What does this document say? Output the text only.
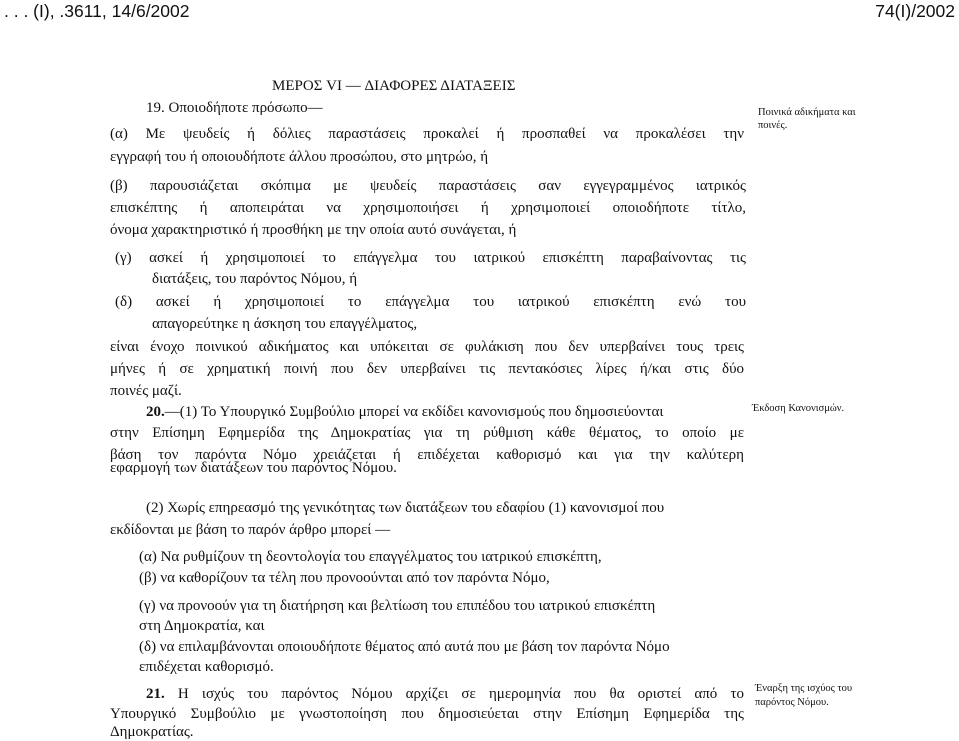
. . . (Ι), .3611, 14/6/2002	74(Ι)/2002
ΜΕΡΟΣ VI — ΔΙΑΦΟΡΕΣ ΔΙΑΤΑΞΕΙΣ
19. Οποιοδήποτε πρόσωπο—
(α) Με ψευδείς ή δόλιες παραστάσεις προκαλεί ή προσπαθεί να προκαλέσει την
εγγραφή του ή οποιουδήποτε άλλου προσώπου, στο μητρώο, ή
(β) παρουσιάζεται σκόπιμα με ψευδείς παραστάσεις σαν εγγεγραμμένος ιατρικός
επισκέπτης ή αποπειράται να χρησιμοποιήσει ή χρησιμοποιεί οποιοδήποτε τίτλο,
όνομα χαρακτηριστικό ή προσθήκη με την οποία αυτό συνάγεται, ή
(γ) ασκεί ή χρησιμοποιεί το επάγγελμα του ιατρικού επισκέπτη παραβαίνοντας τις
διατάξεις, του παρόντος Νόμου, ή
(δ) ασκεί ή χρησιμοποιεί το επάγγελμα του ιατρικού επισκέπτη ενώ του
απαγορεύτηκε η άσκηση του επαγγέλματος,
είναι ένοχο ποινικού αδικήματος και υπόκειται σε φυλάκιση που δεν υπερβαίνει τους τρεις
μήνες ή σε χρηματική ποινή που δεν υπερβαίνει τις πεντακόσιες λίρες ή/και στις δύο
ποινές μαζί.
Ποινικά αδικήματα και
ποινές.
20.—(1) Το Υπουργικό Συμβούλιο μπορεί να εκδίδει κανονισμούς που δημοσιεύονται
στην Επίσημη Εφημερίδα της Δημοκρατίας για τη ρύθμιση κάθε θέματος, το οποίο με
βάση τον παρόντα Νόμο χρειάζεται ή επιδέχεται καθορισμό και για την καλύτερη
εφαρμογή των διατάξεων του παρόντος Νόμου.
Έκδοση Κανονισμών.
(2) Χωρίς επηρεασμό της γενικότητας των διατάξεων του εδαφίου (1) κανονισμοί που
εκδίδονται με βάση το παρόν άρθρο μπορεί —
(α) Να ρυθμίζουν τη δεοντολογία του επαγγέλματος του ιατρικού επισκέπτη,
(β) να καθορίζουν τα τέλη που προνοούνται από τον παρόντα Νόμο,
(γ) να προνοούν για τη διατήρηση και βελτίωση του επιπέδου του ιατρικού επισκέπτη
στη Δημοκρατία, και
(δ) να επιλαμβάνονται οποιουδήποτε θέματος από αυτά που με βάση τον παρόντα Νόμο
επιδέχεται καθορισμό.
21. Η ισχύς του παρόντος Νόμου αρχίζει σε ημερομηνία που θα οριστεί από το
Υπουργικό Συμβούλιο με γνωστοποίηση που δημοσιεύεται στην Επίσημη Εφημερίδα της
Δημοκρατίας.
Έναρξη της ισχύος του
παρόντος Νόμου.
